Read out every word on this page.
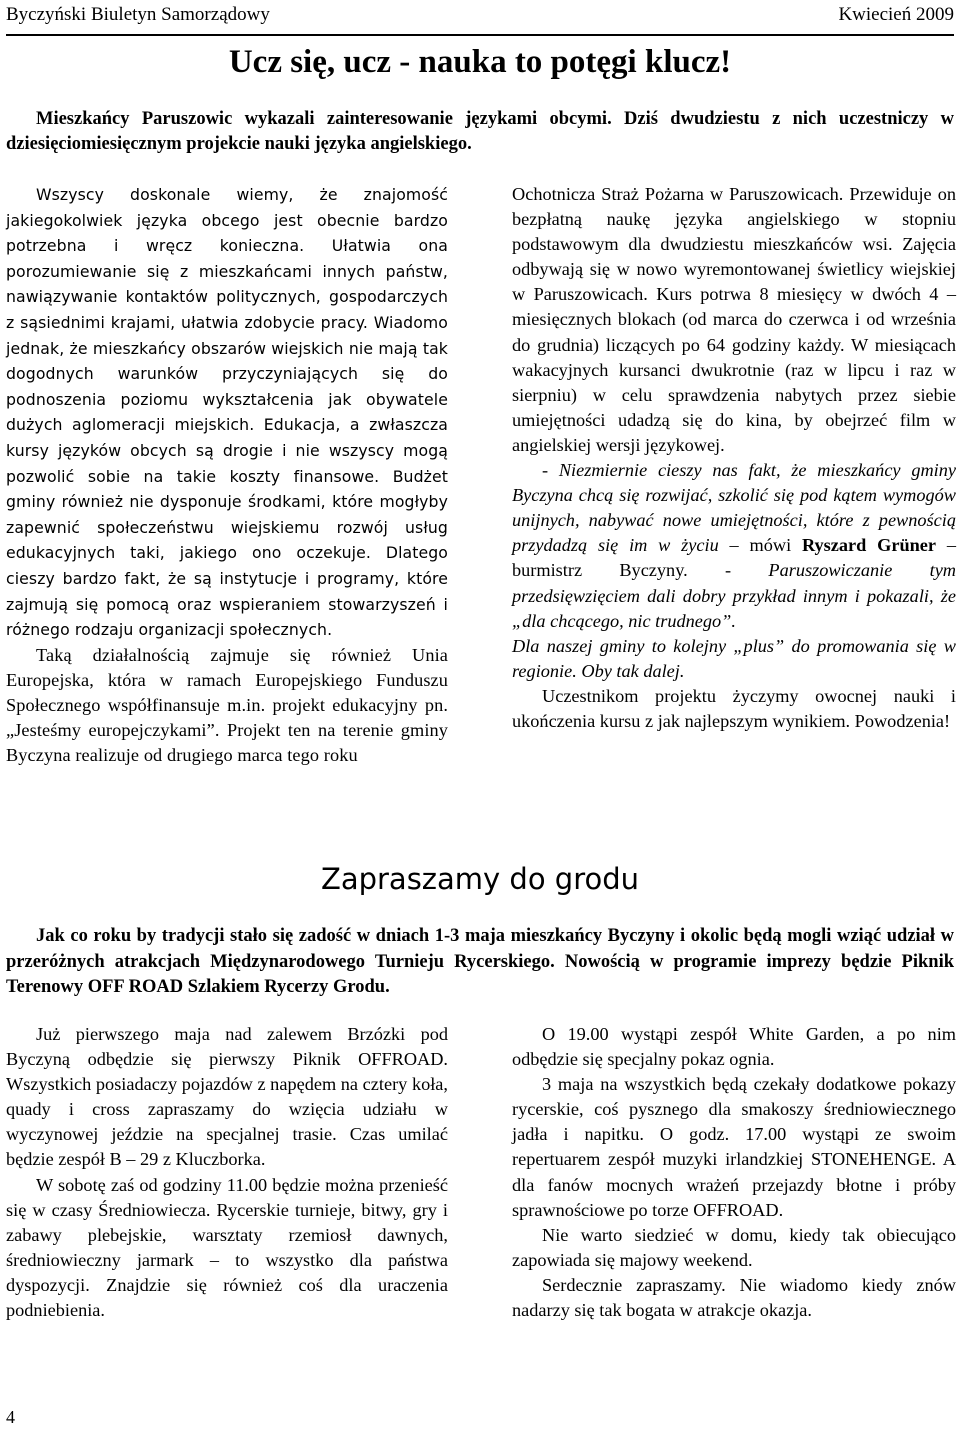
Byczyński Biuletyn Samorządowy	Kwiecień 2009
Ucz się, ucz - nauka to potęgi klucz!

Mieszkańcy Paruszowic wykazali zainteresowanie językami obcymi. Dziś dwudziestu z nich uczestniczy w dziesięciomiesięcznym projekcie nauki języka angielskiego.

Wszyscy doskonale wiemy, że znajomość jakiegokolwiek języka obcego jest obecnie bardzo potrzebna i wręcz konieczna. Ułatwia ona porozumiewanie się z mieszkańcami innych państw, nawiązywanie kontaktów politycznych, gospodarczych z sąsiednimi krajami, ułatwia zdobycie pracy. Wiadomo jednak, że mieszkańcy obszarów wiejskich nie mają tak dogodnych warunków przyczyniających się do podnoszenia poziomu wykształcenia jak obywatele dużych aglomeracji miejskich. Edukacja, a zwłaszcza kursy języków obcych są drogie i nie wszyscy mogą pozwolić sobie na takie koszty finansowe. Budżet gminy również nie dysponuje środkami, które mogłyby zapewnić społeczeństwu wiejskiemu rozwój usług edukacyjnych taki, jakiego ono oczekuje. Dlatego cieszy bardzo fakt, że są instytucje i programy, które zajmują się pomocą oraz wspieraniem stowarzyszeń i różnego rodzaju organizacji społecznych.

Taką działalnością zajmuje się również Unia Europejska, która w ramach Europejskiego Funduszu Społecznego współfinansuje m.in. projekt edukacyjny pn. „Jesteśmy europejczykami”. Projekt ten na terenie gminy Byczyna realizuje od drugiego marca tego roku

Ochotnicza Straż Pożarna w Paruszowicach. Przewiduje on bezpłatną naukę języka angielskiego w stopniu podstawowym dla dwudziestu mieszkańców wsi. Zajęcia odbywają się w nowo wyremontowanej świetlicy wiejskiej w Paruszowicach. Kurs potrwa 8 miesięcy w dwóch 4 – miesięcznych blokach (od marca do czerwca i od września do grudnia) liczących po 64 godziny każdy. W miesiącach wakacyjnych kursanci dwukrotnie (raz w lipcu i raz w sierpniu) w celu sprawdzenia nabytych przez siebie umiejętności udadzą się do kina, by obejrzeć film w angielskiej wersji językowej.

- Niezmiernie cieszy nas fakt, że mieszkańcy gminy Byczyna chcą się rozwijać, szkolić się pod kątem wymogów unijnych, nabywać nowe umiejętności, które z pewnością przydadzą się im w życiu – mówi Ryszard Grüner – burmistrz Byczyny. - Paruszowiczanie tym przedsięwzięciem dali dobry przykład innym i pokazali, że „dla chcącego, nic trudnego”.

Dla naszej gminy to kolejny „plus” do promowania się w regionie. Oby tak dalej.

Uczestnikom projektu życzymy owocnej nauki i ukończenia kursu z jak najlepszym wynikiem. Powodzenia!

Zapraszamy do grodu

Jak co roku by tradycji stało się zadość w dniach 1-3 maja mieszkańcy Byczyny i okolic będą mogli wziąć udział w przeróżnych atrakcjach Międzynarodowego Turnieju Rycerskiego. Nowością w programie imprezy będzie Piknik Terenowy OFF ROAD Szlakiem Rycerzy Grodu.

Już pierwszego maja nad zalewem Brzózki pod Byczyną odbędzie się pierwszy Piknik OFFROAD. Wszystkich posiadaczy pojazdów z napędem na cztery koła, quady i cross zapraszamy do wzięcia udziału w wyczynowej jeździe na specjalnej trasie. Czas umilać będzie zespół B – 29 z Kluczborka.

W sobotę zaś od godziny 11.00 będzie można przenieść się w czasy Średniowiecza. Rycerskie turnieje, bitwy, gry i zabawy plebejskie, warsztaty rzemiosł dawnych, średniowieczny jarmark – to wszystko dla państwa dyspozycji. Znajdzie się również coś dla uraczenia podniebienia.

O 19.00 wystąpi zespół White Garden, a po nim odbędzie się specjalny pokaz ognia.

3 maja na wszystkich będą czekały dodatkowe pokazy rycerskie, coś pysznego dla smakoszy średniowiecznego jadła i napitku. O godz. 17.00 wystąpi ze swoim repertuarem zespół muzyki irlandzkiej STONEHENGE. A dla fanów mocnych wrażeń przejazdy błotne i próby sprawnościowe po torze OFFROAD.

Nie warto siedzieć w domu, kiedy tak obiecująco zapowiada się majowy weekend.

Serdecznie zapraszamy. Nie wiadomo kiedy znów nadarzy się tak bogata w atrakcje okazja.

4
